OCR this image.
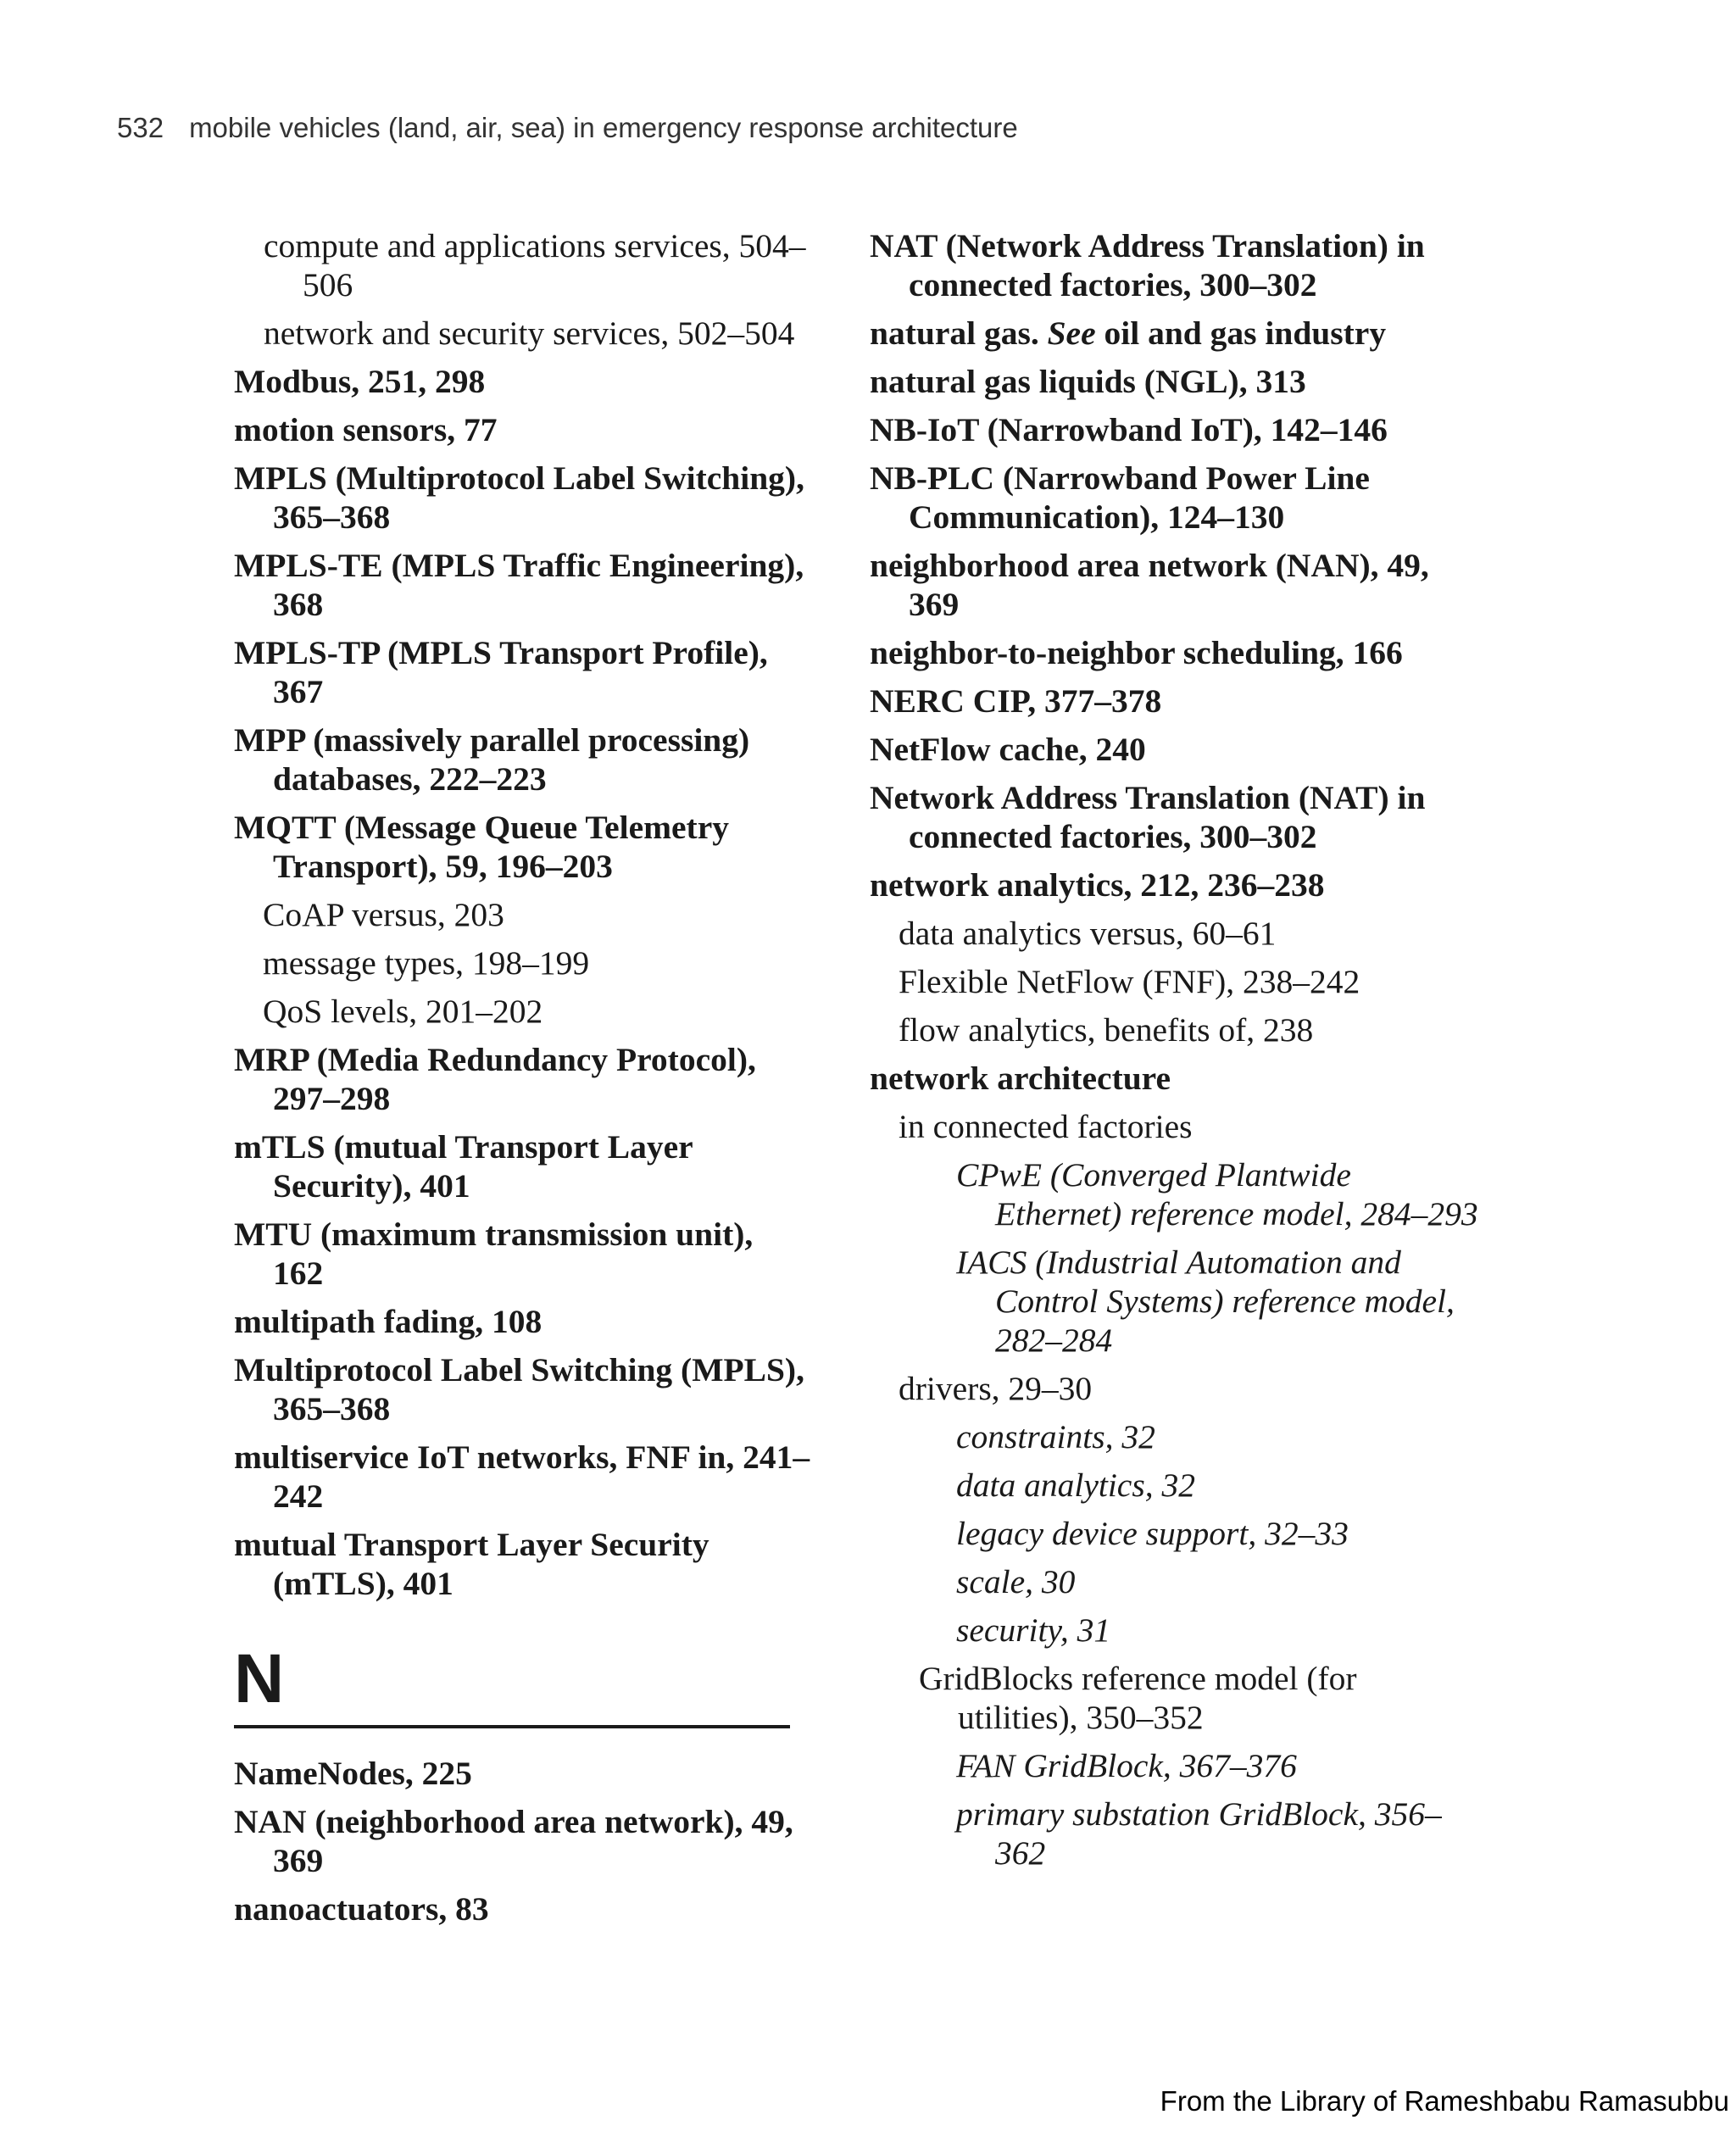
532 mobile vehicles (land, air, sea) in emergency response architecture
compute and applications services, 504–506
network and security services, 502–504
Modbus, 251, 298
motion sensors, 77
MPLS (Multiprotocol Label Switching), 365–368
MPLS-TE (MPLS Traffic Engineering), 368
MPLS-TP (MPLS Transport Profile), 367
MPP (massively parallel processing) databases, 222–223
MQTT (Message Queue Telemetry Transport), 59, 196–203
CoAP versus, 203
message types, 198–199
QoS levels, 201–202
MRP (Media Redundancy Protocol), 297–298
mTLS (mutual Transport Layer Security), 401
MTU (maximum transmission unit), 162
multipath fading, 108
Multiprotocol Label Switching (MPLS), 365–368
multiservice IoT networks, FNF in, 241–242
mutual Transport Layer Security (mTLS), 401
N
NameNodes, 225
NAN (neighborhood area network), 49, 369
nanoactuators, 83
NAT (Network Address Translation) in connected factories, 300–302
natural gas. See oil and gas industry
natural gas liquids (NGL), 313
NB-IoT (Narrowband IoT), 142–146
NB-PLC (Narrowband Power Line Communication), 124–130
neighborhood area network (NAN), 49, 369
neighbor-to-neighbor scheduling, 166
NERC CIP, 377–378
NetFlow cache, 240
Network Address Translation (NAT) in connected factories, 300–302
network analytics, 212, 236–238
data analytics versus, 60–61
Flexible NetFlow (FNF), 238–242
flow analytics, benefits of, 238
network architecture
in connected factories
CPwE (Converged Plantwide Ethernet) reference model, 284–293
IACS (Industrial Automation and Control Systems) reference model, 282–284
drivers, 29–30
constraints, 32
data analytics, 32
legacy device support, 32–33
scale, 30
security, 31
GridBlocks reference model (for utilities), 350–352
FAN GridBlock, 367–376
primary substation GridBlock, 356–362
From the Library of Rameshbabu Ramasubbu
